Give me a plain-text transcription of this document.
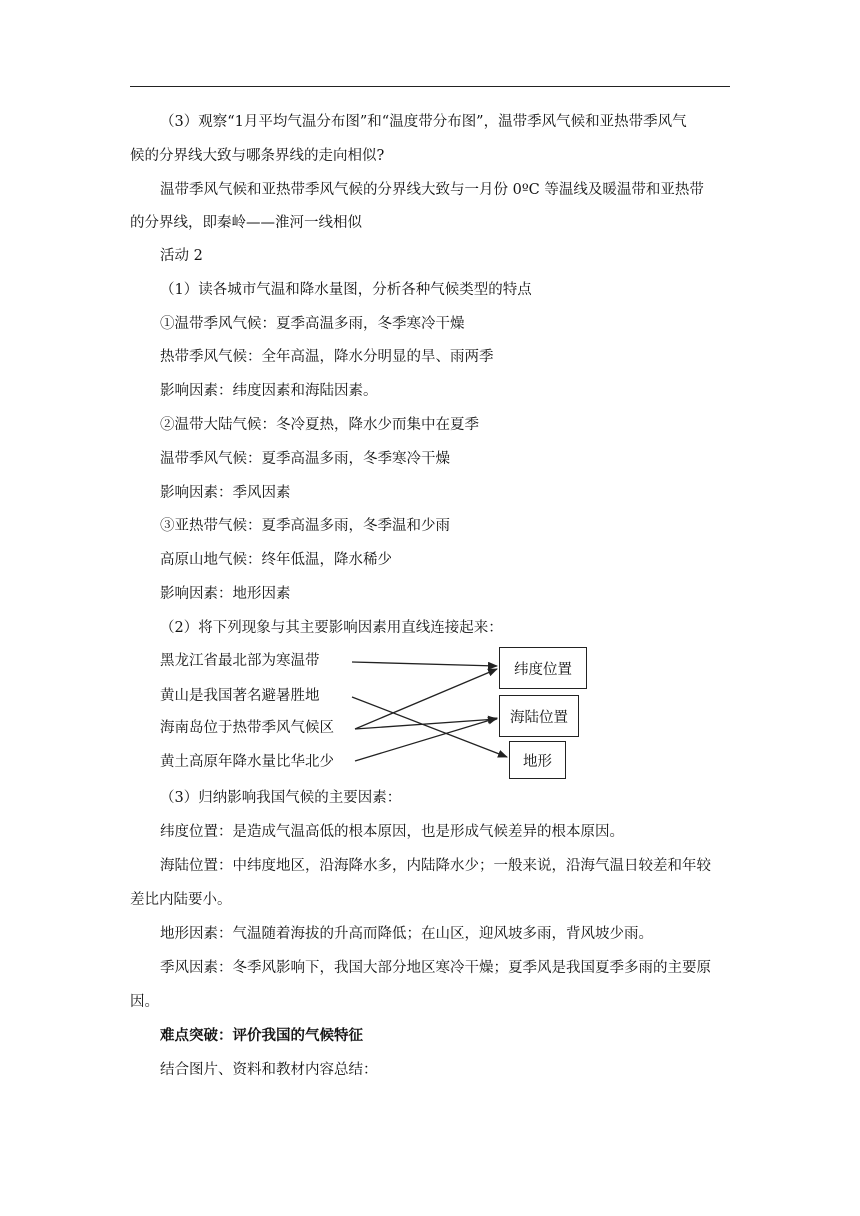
（3）观察“1月平均气温分布图”和“温度带分布图”，温带季风气候和亚热带季风气
候的分界线大致与哪条界线的走向相似?
温带季风气候和亚热带季风气候的分界线大致与一月份 0ºC 等温线及暖温带和亚热带
的分界线，即秦岭——淮河一线相似
活动 2
（1）读各城市气温和降水量图，分析各种气候类型的特点
①温带季风气候：夏季高温多雨，冬季寒冷干燥
热带季风气候：全年高温，降水分明显的旱、雨两季
影响因素：纬度因素和海陆因素。
②温带大陆气候：冬冷夏热，降水少而集中在夏季
温带季风气候：夏季高温多雨，冬季寒冷干燥
影响因素：季风因素
③亚热带气候：夏季高温多雨，冬季温和少雨
高原山地气候：终年低温，降水稀少
影响因素：地形因素
（2）将下列现象与其主要影响因素用直线连接起来：
黑龙江省最北部为寒温带
黄山是我国著名避暑胜地
海南岛位于热带季风气候区
黄土高原年降水量比华北少
纬度位置
海陆位置
地形
（3）归纳影响我国气候的主要因素：
纬度位置：是造成气温高低的根本原因，也是形成气候差异的根本原因。
海陆位置：中纬度地区，沿海降水多，内陆降水少；一般来说，沿海气温日较差和年较
差比内陆要小。
地形因素：气温随着海拔的升高而降低；在山区，迎风坡多雨，背风坡少雨。
季风因素：冬季风影响下，我国大部分地区寒冷干燥；夏季风是我国夏季多雨的主要原
因。
难点突破：评价我国的气候特征
结合图片、资料和教材内容总结：
